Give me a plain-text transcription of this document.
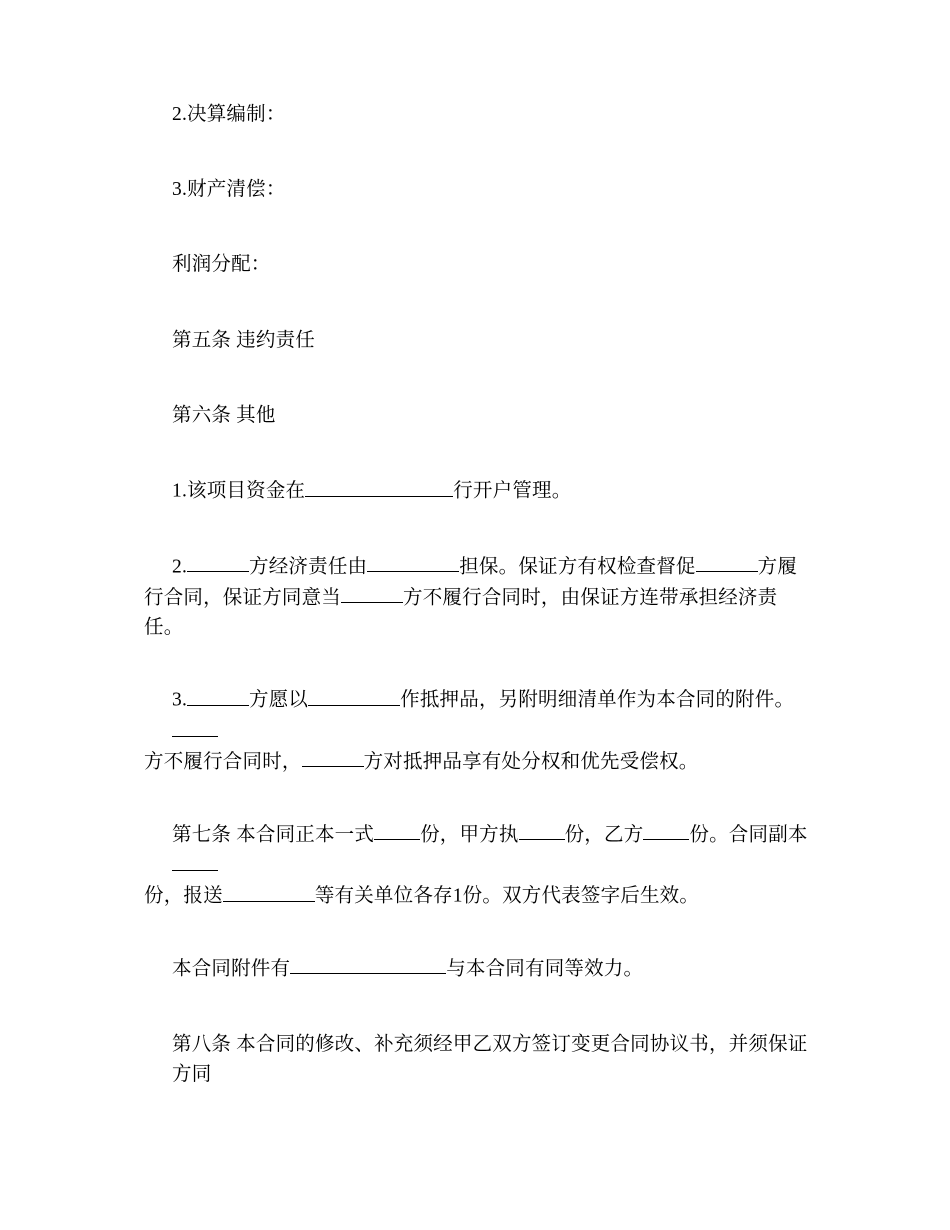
2.决算编制：

3.财产清偿：

利润分配：

第五条 违约责任

第六条 其他

1.该项目资金在	行开户管理。

2.	方经济责任由	担保。保证方有权检查督促	方履
行合同，保证方同意当	方不履行合同时，由保证方连带承担经济责任。

3.	方愿以	作抵押品，另附明细清单作为本合同的附件。
方不履行合同时，	方对抵押品享有处分权和优先受偿权。

第七条 本合同正本一式 份，甲方执 份，乙方 份。合同副本
份，报送	等有关单位各存1份。双方代表签字后生效。

本合同附件有	与本合同有同等效力。

第八条 本合同的修改、补充须经甲乙双方签订变更合同协议书，并须保证方同
